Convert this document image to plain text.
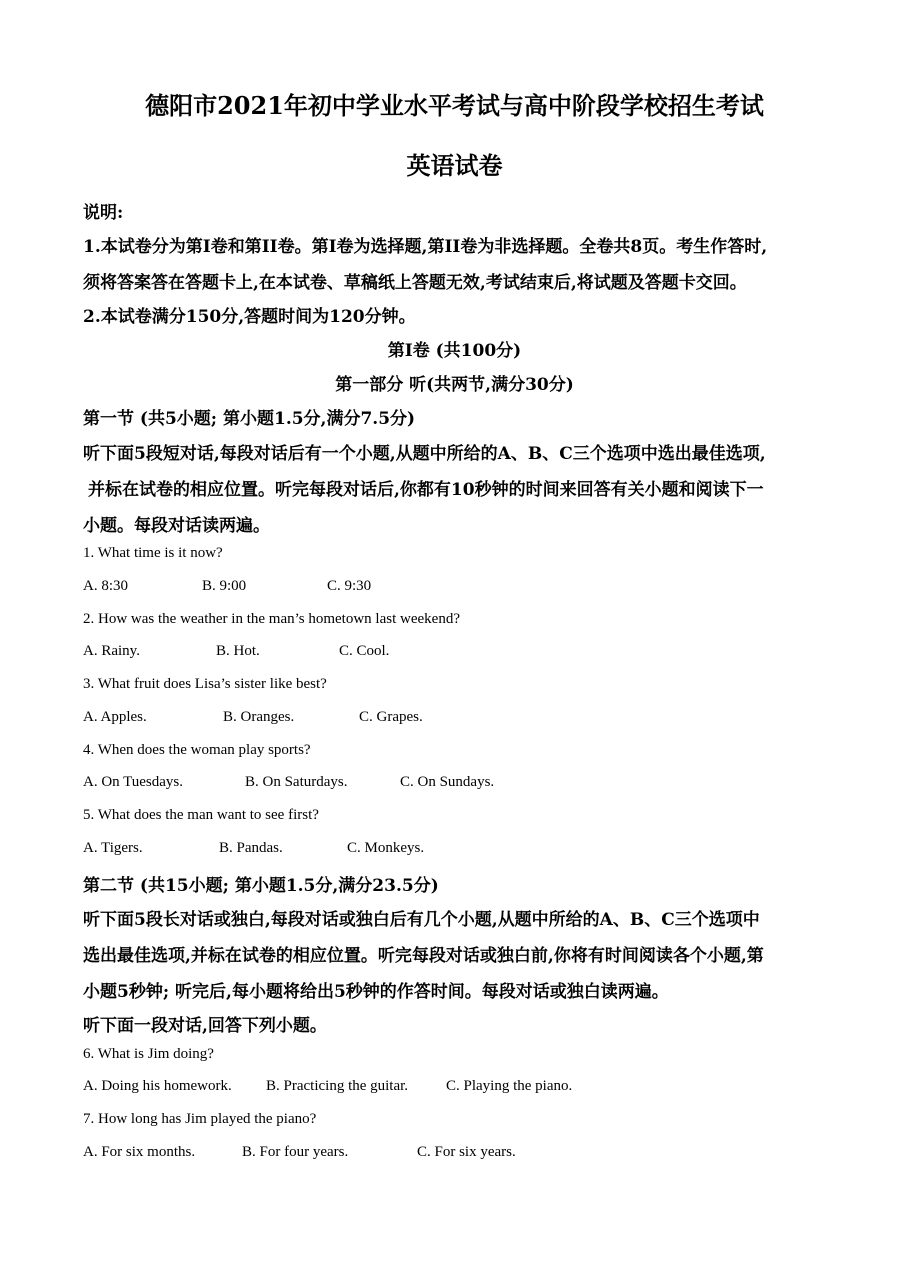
德阳市2021年初中学业水平考试与高中阶段学校招生考试
英语试卷
说明:
1.本试卷分为第I卷和第II卷。第I卷为选择题,第II卷为非选择题。全卷共8页。考生作答时,
须将答案答在答题卡上,在本试卷、草稿纸上答题无效,考试结束后,将试题及答题卡交回。
2.本试卷满分150分,答题时间为120分钟。
第I卷 (共100分)
第一部分 听(共两节,满分30分)
第一节 (共5小题; 第小题1.5分,满分7.5分)
听下面5段短对话,每段对话后有一个小题,从题中所给的A、B、C三个选项中选出最佳选项,
并标在试卷的相应位置。听完每段对话后,你都有10秒钟的时间来回答有关小题和阅读下一
小题。每段对话读两遍。
1. What time is it now?
A. 8:30	B. 9:00	C. 9:30
2. How was the weather in the man’s hometown last weekend?
A. Rainy.	B. Hot.	C. Cool.
3. What fruit does Lisa’s sister like best?
A. Apples.	B. Oranges.	C. Grapes.
4. When does the woman play sports?
A. On Tuesdays.	B. On Saturdays.	C. On Sundays.
5. What does the man want to see first?
A. Tigers.	B. Pandas.	C. Monkeys.
第二节 (共15小题; 第小题1.5分,满分23.5分)
听下面5段长对话或独白,每段对话或独白后有几个小题,从题中所给的A、B、C三个选项中
选出最佳选项,并标在试卷的相应位置。听完每段对话或独白前,你将有时间阅读各个小题,第
小题5秒钟; 听完后,每小题将给出5秒钟的作答时间。每段对话或独白读两遍。
听下面一段对话,回答下列小题。
6. What is Jim doing?
A. Doing his homework. B. Practicing the guitar.	C. Playing the piano.
7. How long has Jim played the piano?
A. For six months.	B. For four years.	C. For six years.
